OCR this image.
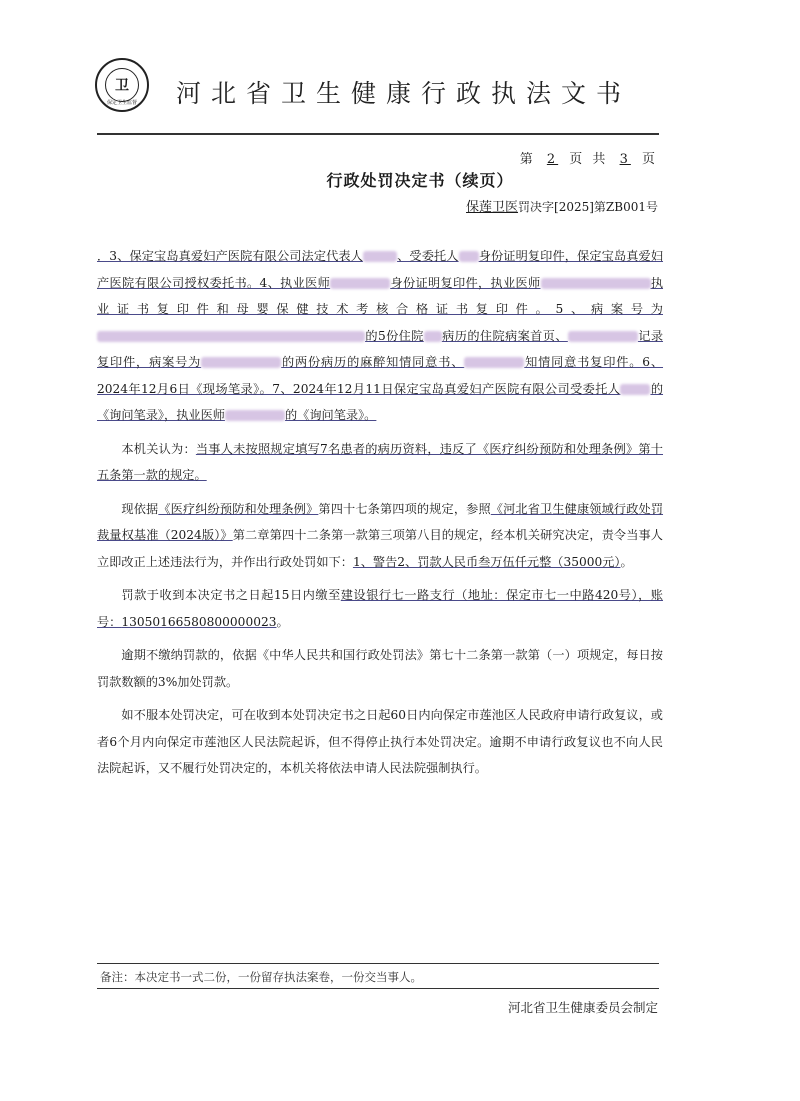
卫
保定卫生监督	河北省卫生健康行政执法文书
第 2 页 共 3 页
行政处罚决定书（续页）
保莲卫医罚决字[2025]第ZB001号

．3、保定宝岛真爱妇产医院有限公司法定代表人	、受委托人 身份证明复印件，保定宝岛真爱妇产医院有限公司授权委托书。4、执业医师	身份证明复印件，执业医师	执业证书复印件和母婴保健技术考核合格证书复印件。5、病案号为的5份住院 病历的住院病案首页、	记录复印件，病案号为	的两份病历的麻醉知情同意书、	知情同意书复印件。6、2024年12月6日《现场笔录》。7、2024年12月11日保定宝岛真爱妇产医院有限公司受委托人 的《询问笔录》，执业医师	的《询问笔录》。

本机关认为：当事人未按照规定填写7名患者的病历资料，违反了《医疗纠纷预防和处理条例》第十五条第一款的规定。

现依据《医疗纠纷预防和处理条例》第四十七条第四项的规定，参照《河北省卫生健康领域行政处罚裁量权基准（2024版）》第二章第四十二条第一款第三项第八目的规定，经本机关研究决定，责令当事人立即改正上述违法行为，并作出行政处罚如下：1、警告2、罚款人民币叁万伍仟元整（35000元）。

罚款于收到本决定书之日起15日内缴至建设银行七一路支行（地址：保定市七一中路420号），账号：13050166580800000023。

逾期不缴纳罚款的，依据《中华人民共和国行政处罚法》第七十二条第一款第（一）项规定，每日按罚款数额的3%加处罚款。

如不服本处罚决定，可在收到本处罚决定书之日起60日内向保定市莲池区人民政府申请行政复议，或者6个月内向保定市莲池区人民法院起诉，但不得停止执行本处罚决定。逾期不申请行政复议也不向人民法院起诉，又不履行处罚决定的，本机关将依法申请人民法院强制执行。

备注：本决定书一式二份，一份留存执法案卷，一份交当事人。
河北省卫生健康委员会制定
